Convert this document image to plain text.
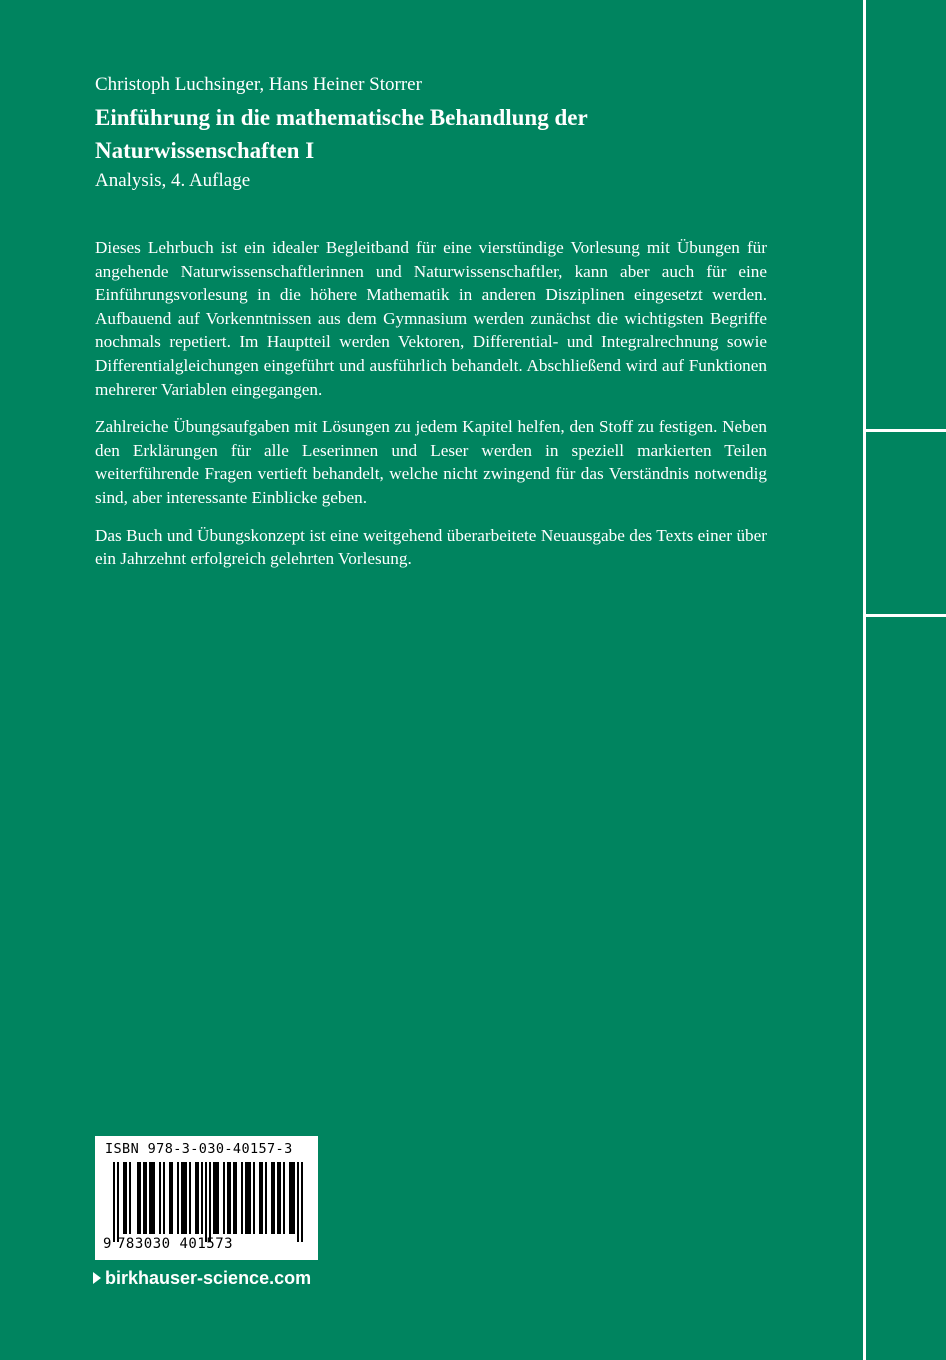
Christoph Luchsinger, Hans Heiner Storrer
Einführung in die mathematische Behandlung der
Naturwissenschaften I
Analysis, 4. Auflage

Dieses Lehrbuch ist ein idealer Begleitband für eine vierstündige Vorlesung mit Übungen für angehende Naturwissenschaftlerinnen und Naturwissenschaftler, kann aber auch für eine Einführungsvorlesung in die höhere Mathematik in anderen Disziplinen eingesetzt werden. Aufbauend auf Vorkenntnissen aus dem Gymnasium werden zunächst die wichtigsten Begriffe nochmals repetiert. Im Hauptteil werden Vektoren, Differential- und Integralrechnung sowie Differentialgleichungen eingeführt und ausführlich behandelt. Abschließend wird auf Funktionen mehrerer Variablen eingegangen.

Zahlreiche Übungsaufgaben mit Lösungen zu jedem Kapitel helfen, den Stoff zu festigen. Neben den Erklärungen für alle Leserinnen und Leser werden in speziell markierten Teilen weiterführende Fragen vertieft behandelt, welche nicht zwingend für das Verständnis notwendig sind, aber interessante Einblicke geben.

Das Buch und Übungskonzept ist eine weitgehend überarbeitete Neuausgabe des Texts einer über ein Jahrzehnt erfolgreich gelehrten Vorlesung.

ISBN 978-3-030-40157-3
9 783030 401573
birkhauser-science.com
